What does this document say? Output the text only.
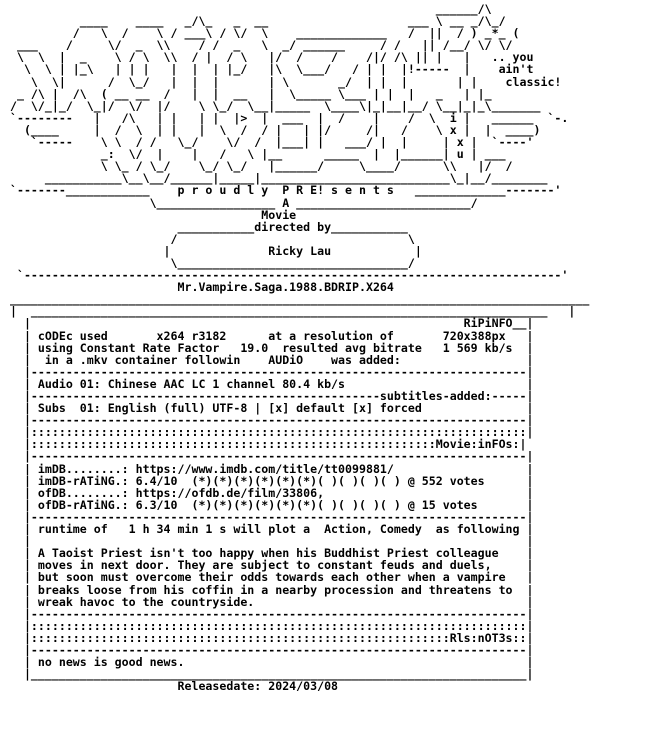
______/\
____    ____   _/\_   _  __                    ___ \ __ _/\_/
/   \  /    \ / ___\ / \/  \    _____________   /  ||  / ) _*_ (
___    /     \/  _  \\    / /  _   \  _/ ______     / /   || /__/ \/ \/
\  \  |  _    \ / \  \\  / |  / \   |/  /    /    /|/ /\ || |   |   .. you
\  \ | |_\   | | |   |  |  | |_/   |\  \___/   / | |  |!-----  |    ain't
\  \|      /  \_/   |  |  |       | \       _/  | |  |       | |    classic!
_ /\ |  /\  ( __ __  /   |  |  __   |  \_____ \___ | |  |   _   | |_
/  \/_|_/  \_|/  \/  |/    \ \_/  \__|_____  \____\|_|__|__/ \__|_|_\_______
`--------   |   /\   | |   | |  |>  |  ___  |  /    |    /  \  i |   ______  `-.
(____     |  /  \  | |   |  \  /  / |   | |/     /|   /    \ x |  |  ____)
`-----    \ \  / /   \_/    \/  /  |___| |   ___/ |  |     | x |  `----'
_:  \/  |    |   /   \ |__      _____  |  |______| u | ___
\ \_ / \_/    \_/ \_/   |______/     \____/      \\   |/  /
___________\__\__/______|_____|___________________________\_|__/________
`-------____________    p r o u d l y  P R E! s e n t s   _____________-------'
\_________________ A _________________________/
Movie
___________directed by___________
/                                 \
|              Ricky Lau            |
\_________________________________/
`-----------------------------------------------------------------------------'
Mr.Vampire.Saga.1988.BDRIP.X264
___________________________________________________________________________________
|  __________________________________________________________________________   |
|                                                              RiPiNFO__|
| cODEc used       x264 r3182      at a resolution of       720x388px   |
| using Constant Rate Factor   19.0  resulted avg bitrate   1 569 kb/s  |
|  in a .mkv container followin    AUDiO    was added:                  |
|-----------------------------------------------------------------------|
| Audio 01: Chinese AAC LC 1 channel 80.4 kb/s                          |
|--------------------------------------------------subtitles-added:-----|
| Subs  01: English (full) UTF-8 | [x] default [x] forced               |
|-----------------------------------------------------------------------|
|:::::::::::::::::::::::::::::::::::::::::::::::::::::::::::::::::::::::|
|::::::::::::::::::::::::::::::::::::::::::::::::::::::::::Movie:inFOs:|
|-----------------------------------------------------------------------|
| imDB........: https://www.imdb.com/title/tt0099881/                   |
| imDB-rATiNG.: 6.4/10  (*)(*)(*)(*)(*)(*)( )( )( )( ) @ 552 votes      |
| ofDB........: https://ofdb.de/film/33806,                             |
| ofDB-rATiNG.: 6.3/10  (*)(*)(*)(*)(*)(*)( )( )( )( ) @ 15 votes       |
|-----------------------------------------------------------------------|
| runtime of   1 h 34 min 1 s will plot a  Action, Comedy  as following |
|                                                                       |
| A Taoist Priest isn't too happy when his Buddhist Priest colleague    |
| moves in next door. They are subject to constant feuds and duels,     |
| but soon must overcome their odds towards each other when a vampire   |
| breaks loose from his coffin in a nearby procession and threatens to  |
| wreak havoc to the countryside.                                       |
|-----------------------------------------------------------------------|
|:::::::::::::::::::::::::::::::::::::::::::::::::::::::::::::::::::::::|
|::::::::::::::::::::::::::::::::::::::::::::::::::::::::::::Rls:nOT3s::|
|-----------------------------------------------------------------------|
| no news is good news.                                                 |
|_______________________________________________________________________|
Releasedate: 2024/03/08
